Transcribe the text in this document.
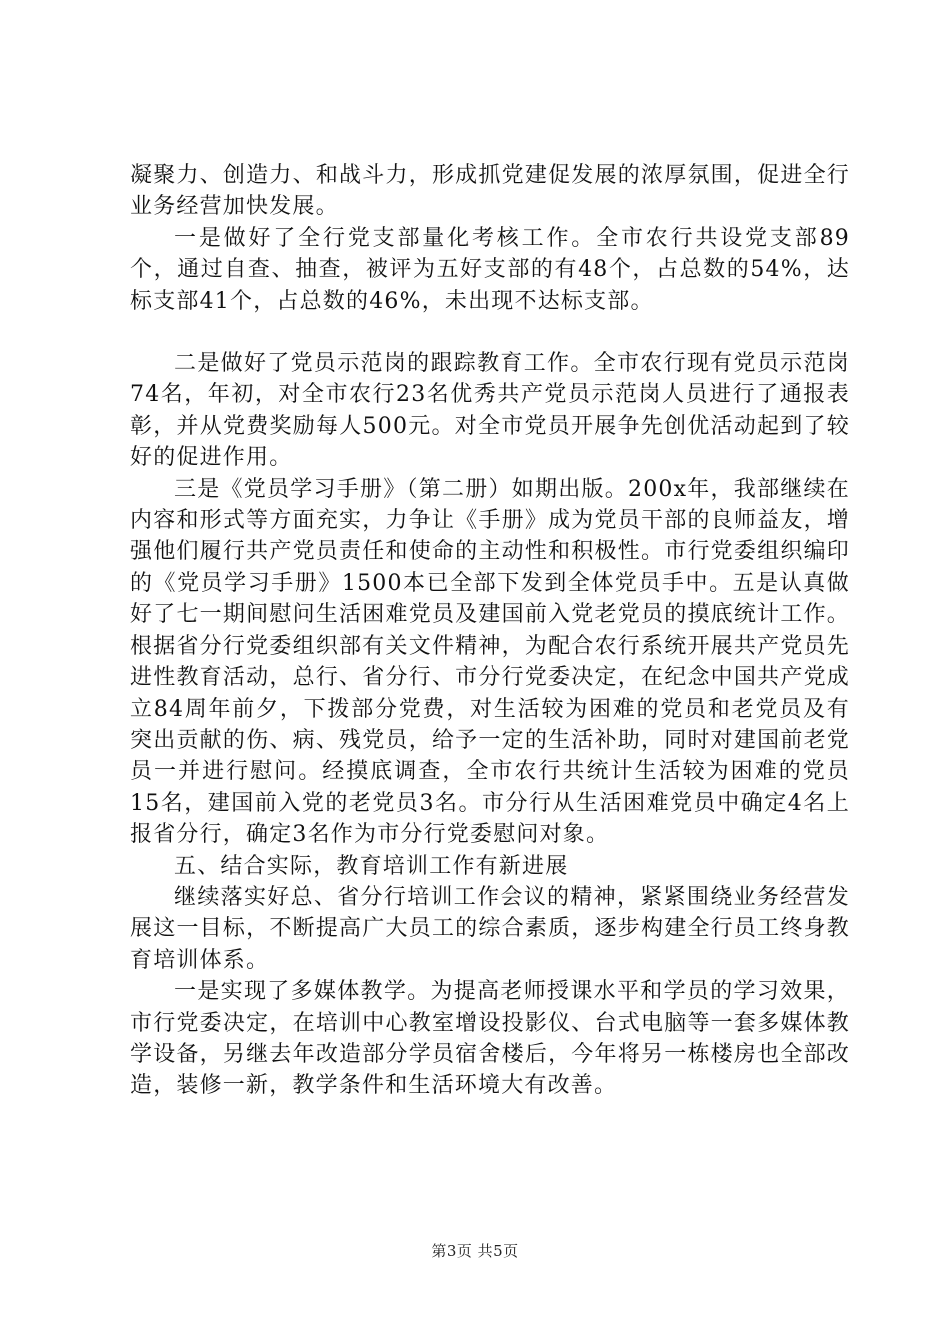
凝聚力、创造力、和战斗力，形成抓党建促发展的浓厚氛围，促进全行业务经营加快发展。

一是做好了全行党支部量化考核工作。全市农行共设党支部89个，通过自查、抽查，被评为五好支部的有48个，占总数的54%，达标支部41个，占总数的46%，未出现不达标支部。

二是做好了党员示范岗的跟踪教育工作。全市农行现有党员示范岗74名，年初，对全市农行23名优秀共产党员示范岗人员进行了通报表彰，并从党费奖励每人500元。对全市党员开展争先创优活动起到了较好的促进作用。

三是《党员学习手册》（第二册）如期出版。200x年，我部继续在内容和形式等方面充实，力争让《手册》成为党员干部的良师益友，增强他们履行共产党员责任和使命的主动性和积极性。市行党委组织编印的《党员学习手册》1500本已全部下发到全体党员手中。五是认真做好了七一期间慰问生活困难党员及建国前入党老党员的摸底统计工作。根据省分行党委组织部有关文件精神，为配合农行系统开展共产党员先进性教育活动，总行、省分行、市分行党委决定，在纪念中国共产党成立84周年前夕，下拨部分党费，对生活较为困难的党员和老党员及有突出贡献的伤、病、残党员，给予一定的生活补助，同时对建国前老党员一并进行慰问。经摸底调查，全市农行共统计生活较为困难的党员15名，建国前入党的老党员3名。市分行从生活困难党员中确定4名上报省分行，确定3名作为市分行党委慰问对象。

五、结合实际，教育培训工作有新进展

继续落实好总、省分行培训工作会议的精神，紧紧围绕业务经营发展这一目标，不断提高广大员工的综合素质，逐步构建全行员工终身教育培训体系。

一是实现了多媒体教学。为提高老师授课水平和学员的学习效果，市行党委决定，在培训中心教室增设投影仪、台式电脑等一套多媒体教学设备，另继去年改造部分学员宿舍楼后，今年将另一栋楼房也全部改造，装修一新，教学条件和生活环境大有改善。

第3页 共5页
